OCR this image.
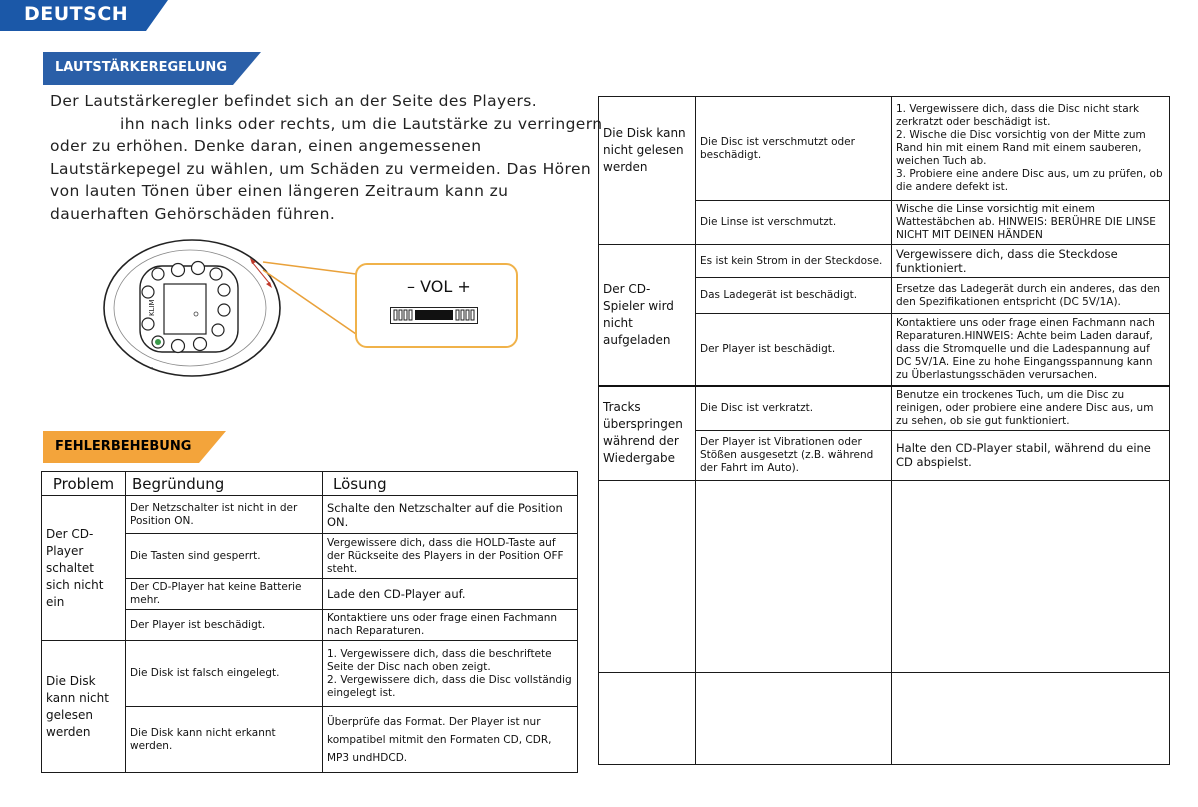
DEUTSCH
LAUTSTÄRKEREGELUNG
Der Lautstärkeregler befindet sich an der Seite des Players.
ihn nach links oder rechts, um die Lautstärke zu verringern
oder zu erhöhen. Denke daran, einen angemessenen
Lautstärkepegel zu wählen, um Schäden zu vermeiden. Das Hören
von lauten Tönen über einen längeren Zeitraum kann zu
dauerhaften Gehörschäden führen.
KLIM
– VOL +
FEHLERBEHEBUNG
Problem	Begründung	Lösung
Der CD-Player schaltet sich nicht ein	Der Netzschalter ist nicht in der Position ON.	Schalte den Netzschalter auf die Position ON.
	Die Tasten sind gesperrt.	Vergewissere dich, dass die HOLD-Taste auf der Rückseite des Players in der Position OFF steht.
	Der CD-Player hat keine Batterie mehr.	Lade den CD-Player auf.
	Der Player ist beschädigt.	Kontaktiere uns oder frage einen Fachmann nach Reparaturen.
Die Disk kann nicht gelesen werden	Die Disk ist falsch eingelegt.	1. Vergewissere dich, dass die beschriftete Seite der Disc nach oben zeigt.
2. Vergewissere dich, dass die Disc vollständig eingelegt ist.
	Die Disk kann nicht erkannt werden.	Überprüfe das Format. Der Player ist nur kompatibel mitmit den Formaten CD, CDR, MP3 undHDCD.
Die Disk kann nicht gelesen werden	Die Disc ist verschmutzt oder beschädigt.	1. Vergewissere dich, dass die Disc nicht stark zerkratzt oder beschädigt ist.
2. Wische die Disc vorsichtig von der Mitte zum Rand hin mit einem Rand mit einem sauberen, weichen Tuch ab.
3. Probiere eine andere Disc aus, um zu prüfen, ob die andere defekt ist.
	Die Linse ist verschmutzt.	Wische die Linse vorsichtig mit einem Wattestäbchen ab. HINWEIS: BERÜHRE DIE LINSE NICHT MIT DEINEN HÄNDEN
Der CD-Spieler wird nicht aufgeladen	Es ist kein Strom in der Steckdose.	Vergewissere dich, dass die Steckdose funktioniert.
	Das Ladegerät ist beschädigt.	Ersetze das Ladegerät durch ein anderes, das den den Spezifikationen entspricht (DC 5V/1A).
	Der Player ist beschädigt.	Kontaktiere uns oder frage einen Fachmann nach Reparaturen.HINWEIS: Achte beim Laden darauf, dass die Stromquelle und die Ladespannung auf DC 5V/1A. Eine zu hohe Eingangsspannung kann zu Überlastungsschäden verursachen.
Tracks überspringen während der Wiedergabe	Die Disc ist verkratzt.	Benutze ein trockenes Tuch, um die Disc zu reinigen, oder probiere eine andere Disc aus, um zu sehen, ob sie gut funktioniert.
	Der Player ist Vibrationen oder Stößen ausgesetzt (z.B. während der Fahrt im Auto).	Halte den CD-Player stabil, während du eine CD abspielst.
